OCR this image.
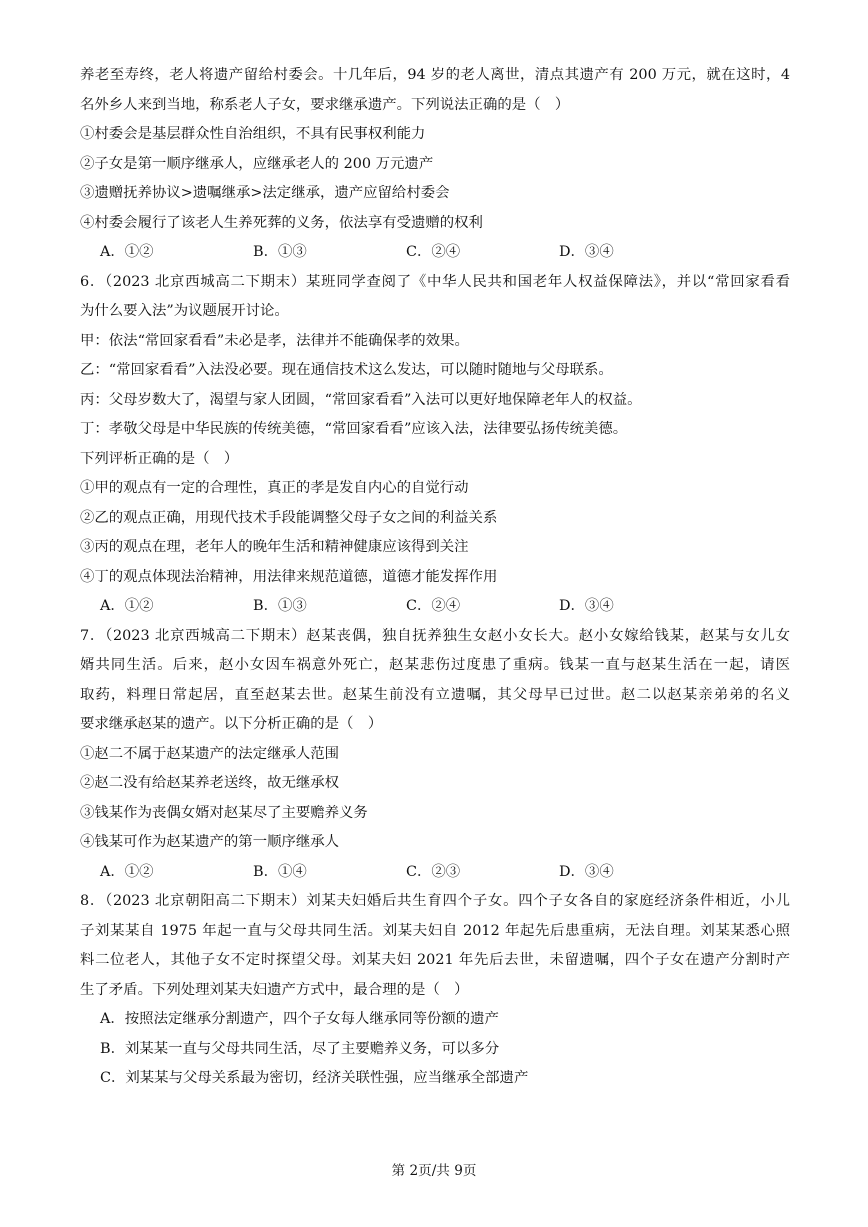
养老至寿终，老人将遗产留给村委会。十几年后，94 岁的老人离世，清点其遗产有 200 万元，就在这时，4
名外乡人来到当地，称系老人子女，要求继承遗产。下列说法正确的是（　）
①村委会是基层群众性自治组织，不具有民事权利能力
②子女是第一顺序继承人，应继承老人的 200 万元遗产
③遗赠抚养协议>遗嘱继承>法定继承，遗产应留给村委会
④村委会履行了该老人生养死葬的义务，依法享有受遗赠的权利
A．①②	B．①③	C．②④	D．③④
6．（2023 北京西城高二下期末）某班同学查阅了《中华人民共和国老年人权益保障法》，并以“常回家看看
为什么要入法”为议题展开讨论。
甲：依法“常回家看看”未必是孝，法律并不能确保孝的效果。
乙：“常回家看看”入法没必要。现在通信技术这么发达，可以随时随地与父母联系。
丙：父母岁数大了，渴望与家人团圆，“常回家看看”入法可以更好地保障老年人的权益。
丁：孝敬父母是中华民族的传统美德，“常回家看看”应该入法，法律要弘扬传统美德。
下列评析正确的是（　）
①甲的观点有一定的合理性，真正的孝是发自内心的自觉行动
②乙的观点正确，用现代技术手段能调整父母子女之间的利益关系
③丙的观点在理，老年人的晚年生活和精神健康应该得到关注
④丁的观点体现法治精神，用法律来规范道德，道德才能发挥作用
A．①②	B．①③	C．②④	D．③④
7．（2023 北京西城高二下期末）赵某丧偶，独自抚养独生女赵小女长大。赵小女嫁给钱某，赵某与女儿女
婿共同生活。后来，赵小女因车祸意外死亡，赵某悲伤过度患了重病。钱某一直与赵某生活在一起，请医
取药，料理日常起居，直至赵某去世。赵某生前没有立遗嘱，其父母早已过世。赵二以赵某亲弟弟的名义
要求继承赵某的遗产。以下分析正确的是（　）
①赵二不属于赵某遗产的法定继承人范围
②赵二没有给赵某养老送终，故无继承权
③钱某作为丧偶女婿对赵某尽了主要赡养义务
④钱某可作为赵某遗产的第一顺序继承人
A．①②	B．①④	C．②③	D．③④
8．（2023 北京朝阳高二下期末）刘某夫妇婚后共生育四个子女。四个子女各自的家庭经济条件相近，小儿
子刘某某自 1975 年起一直与父母共同生活。刘某夫妇自 2012 年起先后患重病，无法自理。刘某某悉心照
料二位老人，其他子女不定时探望父母。刘某夫妇 2021 年先后去世，未留遗嘱，四个子女在遗产分割时产
生了矛盾。下列处理刘某夫妇遗产方式中，最合理的是（　）
A．按照法定继承分割遗产，四个子女每人继承同等份额的遗产
B．刘某某一直与父母共同生活，尽了主要赡养义务，可以多分
C．刘某某与父母关系最为密切，经济关联性强，应当继承全部遗产
第 2页/共 9页
